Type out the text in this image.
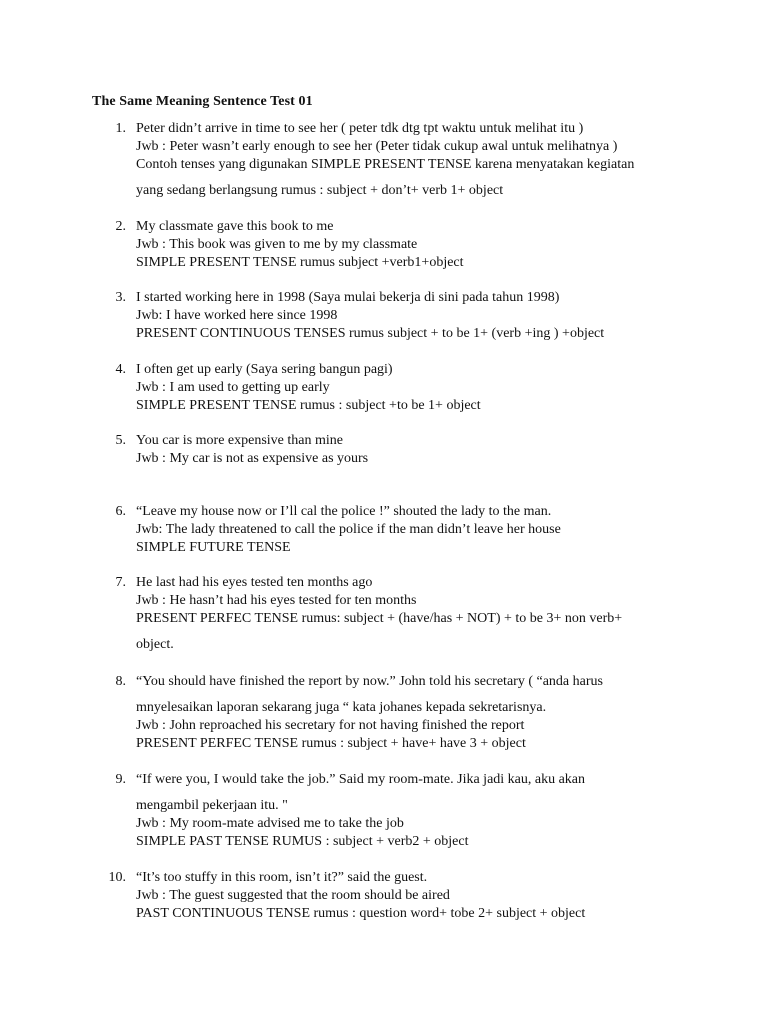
The Same Meaning Sentence Test 01
1. Peter didn’t arrive in time to see her ( peter tdk dtg tpt waktu untuk melihat itu )
Jwb : Peter wasn’t early enough to see her (Peter tidak cukup awal untuk melihatnya )
Contoh tenses yang digunakan SIMPLE PRESENT TENSE karena menyatakan kegiatan
yang sedang berlangsung rumus : subject + don’t+ verb 1+ object
2. My classmate gave this book to me
Jwb : This book was given to me by my classmate
SIMPLE PRESENT TENSE rumus subject +verb1+object
3. I started working here in 1998 (Saya mulai bekerja di sini pada tahun 1998)
Jwb: I have worked here since 1998
PRESENT CONTINUOUS TENSES rumus subject + to be 1+ (verb +ing ) +object
4. I often get up early (Saya sering bangun pagi)
Jwb : I am used to getting up early
SIMPLE PRESENT TENSE rumus : subject +to be 1+ object
5. You car is more expensive than mine
Jwb : My car is not as expensive as yours
6. “Leave my house now or I’ll cal the police !” shouted the lady to the man.
Jwb: The lady threatened to call the police if the man didn’t leave her house
SIMPLE FUTURE TENSE
7. He last had his eyes tested ten months ago
Jwb : He hasn’t had his eyes tested for ten months
PRESENT PERFEC TENSE rumus: subject + (have/has + NOT) + to be 3+ non verb+
object.
8. “You should have finished the report by now.” John told his secretary ( “anda harus
mnyelesaikan laporan sekarang juga “ kata johanes kepada sekretarisnya.
Jwb : John reproached his secretary for not having finished the report
PRESENT PERFEC TENSE rumus : subject + have+ have 3 + object
9. “If were you, I would take the job.” Said my room-mate. Jika jadi kau, aku akan
mengambil pekerjaan itu. "
Jwb : My room-mate advised me to take the job
SIMPLE PAST TENSE RUMUS : subject + verb2 + object
10. “It’s too stuffy in this room, isn’t it?” said the guest.
Jwb : The guest suggested that the room should be aired
PAST CONTINUOUS TENSE rumus : question word+ tobe 2+ subject + object
